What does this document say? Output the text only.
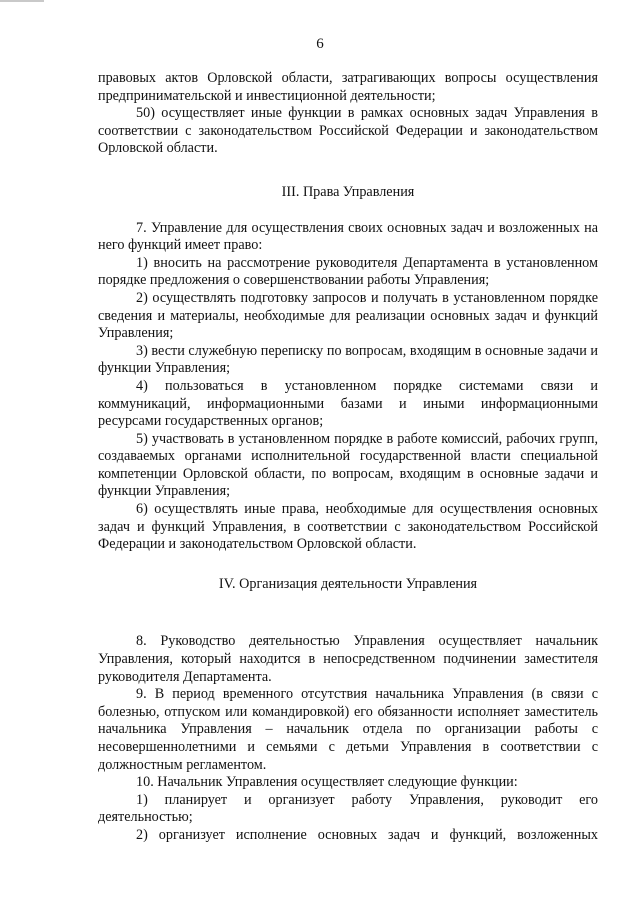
6

правовых актов Орловской области, затрагивающих вопросы осуществления предпринимательской и инвестиционной деятельности;

50) осуществляет иные функции в рамках основных задач Управления в соответствии с законодательством Российской Федерации и законодательством Орловской области.

III. Права Управления

7. Управление для осуществления своих основных задач и возложенных на него функций имеет право:

1) вносить на рассмотрение руководителя Департамента в установленном порядке предложения о совершенствовании работы Управления;

2) осуществлять подготовку запросов и получать в установленном порядке сведения и материалы, необходимые для реализации основных задач и функций Управления;

3) вести служебную переписку по вопросам, входящим в основные задачи и функции Управления;

4) пользоваться в установленном порядке системами связи и коммуникаций, информационными базами и иными информационными ресурсами государственных органов;

5) участвовать в установленном порядке в работе комиссий, рабочих групп, создаваемых органами исполнительной государственной власти специальной компетенции Орловской области, по вопросам, входящим в основные задачи и функции Управления;

6) осуществлять иные права, необходимые для осуществления основных задач и функций Управления, в соответствии с законодательством Российской Федерации и законодательством Орловской области.

IV. Организация деятельности Управления

8. Руководство деятельностью Управления осуществляет начальник Управления, который находится в непосредственном подчинении заместителя руководителя Департамента.

9. В период временного отсутствия начальника Управления (в связи с болезнью, отпуском или командировкой) его обязанности исполняет заместитель начальника Управления – начальник отдела по организации работы с несовершеннолетними и семьями с детьми Управления в соответствии с должностным регламентом.

10. Начальник Управления осуществляет следующие функции:

1) планирует и организует работу Управления, руководит его деятельностью;

2) организует исполнение основных задач и функций, возложенных
